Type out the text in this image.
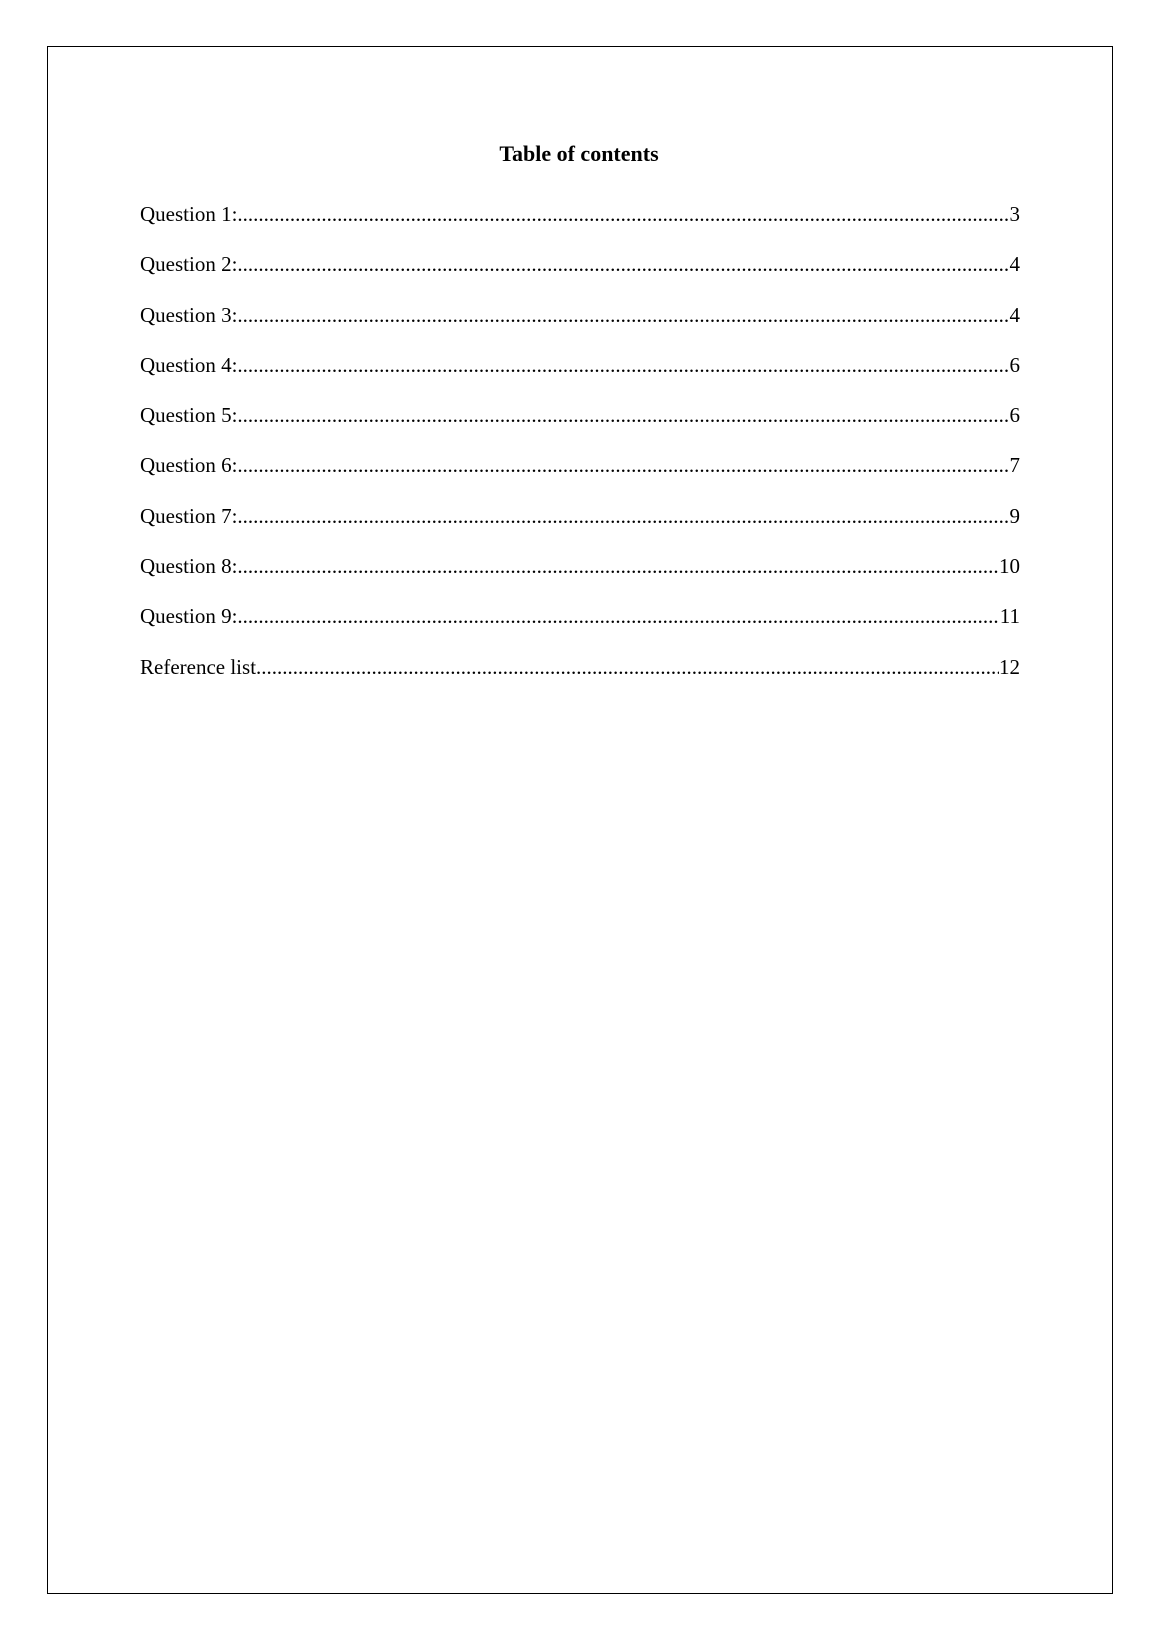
Table of contents
Question 1: .....	3
Question 2: .....	4
Question 3: .....	4
Question 4: .....	6
Question 5: .....	6
Question 6: .....	7
Question 7: .....	9
Question 8: .....	10
Question 9: .....	11
Reference list .....	12
